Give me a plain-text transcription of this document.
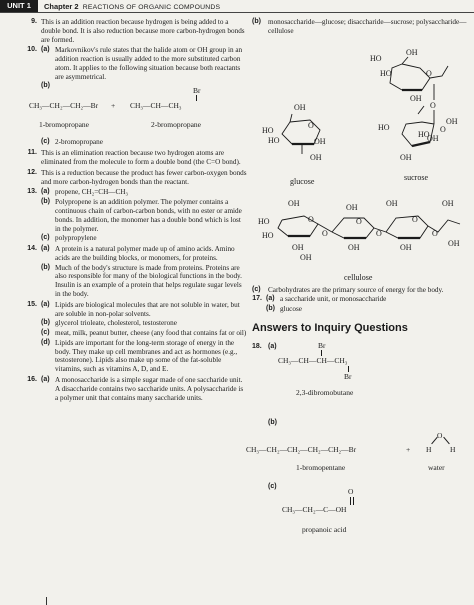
UNIT 1	Chapter 2 REACTIONS OF ORGANIC COMPOUNDS
9. This is an addition reaction because hydrogen is being added to a double bond. It is also reduction because more carbon-hydrogen bonds are formed.
10. (a) Markovnikov's rule states that the halide atom or OH group in an addition reaction is usually added to the more substituted carbon atom. It applies to the following situation because both reactants are asymmetrical.
(b)
Br
CH₃—CH₂—CH₂—Br + CH₃—CH—CH₃
1-bromopropane	2-bromopropane
(c) 2-bromopropane
11. This is an elimination reaction because two hydrogen atoms are eliminated from the molecule to form a double bond (the C=O bond).
12. This is a reduction because the product has fewer carbon-oxygen bonds and more carbon-hydrogen bonds than the reactant.
13. (a) propene, CH₂=CH—CH₃
(b) Polypropene is an addition polymer. The polymer contains a continuous chain of carbon-carbon bonds, with no ester or amide bonds. In addition, the monomer has a double bond which is lost in the polymer.
(c) polypropylene
14. (a) A protein is a natural polymer made up of amino acids. Amino acids are the building blocks, or monomers, for proteins.
(b) Much of the body's structure is made from proteins. Proteins are also responsible for many of the biological functions in the body. Insulin is an example of a protein that helps regulate sugar levels in the body.
15. (a) Lipids are biological molecules that are not soluble in water, but are soluble in non-polar solvents.
(b) glycerol trioleate, cholesterol, testosterone
(c) meat, milk, peanut butter, cheese (any food that contains fat or oil)
(d) Lipids are important for the long-term storage of energy in the body. They make up cell membranes and act as hormones (e.g., testosterone). Lipids also make up some of the fat-soluble vitamins, such as vitamins A, D, and E.
16. (a) A monosaccharide is a simple sugar made of one saccharide unit. A disaccharide contains two saccharide units. A polysaccharide is a polymer unit that contains many saccharide units.
(b) monosaccharide—glucose; disaccharide—sucrose; polysaccharide—cellulose
OH
HO
HO	O
OH
O
HO
HO
OH
O
OH
OH
sucrose
OH
O
HO
HO	OH
OH
glucose
OH	OH	OH	OH
HO
HO
O
O
O
O
O
O
OH	OH	OH	OH
OH
cellulose
(c) Carbohydrates are the primary source of energy for the body.
17. (a) a saccharide unit, or monosaccharide
(b) glucose
Answers to Inquiry Questions
18. (a)	Br
CH₃—CH—CH—CH₃
Br
2,3-dibromobutane
(b)
CH₃—CH₂—CH₂—CH₂—CH₂—Br	+
O
H H
1-bromopentane	water
(c)
O
CH₃—CH₂—C—OH
propanoic acid
